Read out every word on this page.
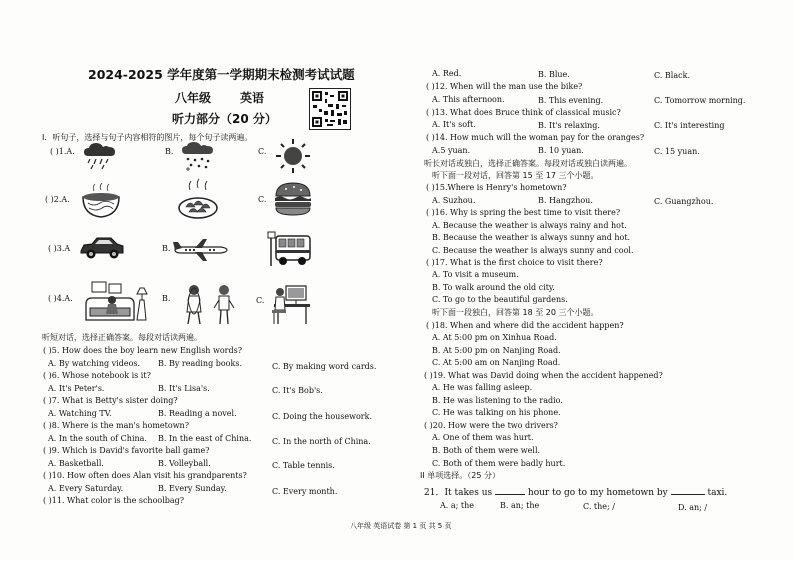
2024-2025 学年度第一学期期末检测考试试题
八年级 英语
听力部分（20 分）
I．听句子，选择与句子内容相符的图片，每个句子读两遍。
( )1.A.	B.	C.
( )2.A.	C.
( )3.A	B.
( )4.A.	B.	C.
听短对话，选择正确答案。每段对话读两遍。
( )5. How does the boy learn new English words?
A. By watching videos. B. By reading books.	C. By making word cards.
( )6. Whose notebook is it?
A. It's Peter's.	B. It's Lisa's.	C. It's Bob's.
( )7. What is Betty's sister doing?
A. Watching TV.	B. Reading a novel.	C. Doing the housework.
( )8. Where is the man's hometown?
A. In the south of China. B. In the east of China.	C. In the north of China.
( )9. Which is David's favorite ball game?
A. Basketball.	B. Volleyball.	C. Table tennis.
( )10. How often does Alan visit his grandparents?
A. Every Saturday.	B. Every Sunday.	C. Every month.
( )11. What color is the schoolbag?
A. Red.	B. Blue.	C. Black.
( )12. When will the man use the bike?
A. This afternoon.	B. This evening.	C. Tomorrow morning.
( )13. What does Bruce think of classical music?
A. It's soft.	B. It's relaxing.	C. It's interesting
( )14. How much will the woman pay for the oranges?
A.5 yuan.	B. 10 yuan.	C. 15 yuan.
听长对话或独白，选择正确答案。每段对话或独白读两遍。
听下面一段对话，回答第 15 至 17 三个小题。
( )15.Where is Henry's hometown?
A. Suzhou.	B. Hangzhou.	C. Guangzhou.
( )16. Why is spring the best time to visit there?
A. Because the weather is always rainy and hot.
B. Because the weather is always sunny and hot.
C. Because the weather is always sunny and cool.
( )17. What is the first choice to visit there?
A. To visit a museum.
B. To walk around the old city.
C. To go to the beautiful gardens.
听下面一段独白，回答第 18 至 20 三个小题。
( )18. When and where did the accident happen?
A. At 5:00 pm on Xinhua Road.
B. At 5:00 pm on Nanjing Road.
C. At 5:00 am on Nanjing Road.
( )19. What was David doing when the accident happened?
A. He was falling asleep.
B. He was listening to the radio.
C. He was talking on his phone.
( )20. How were the two drivers?
A. One of them was hurt.
B. Both of them were well.
C. Both of them were badly hurt.
II 单项选择。（25 分）
21．It takes us	hour to go to my hometown by	taxi.
A. a; the	B. an; the	C. the; /	D. an; /
八年级 英语试卷 第 1 页 共 5 页
